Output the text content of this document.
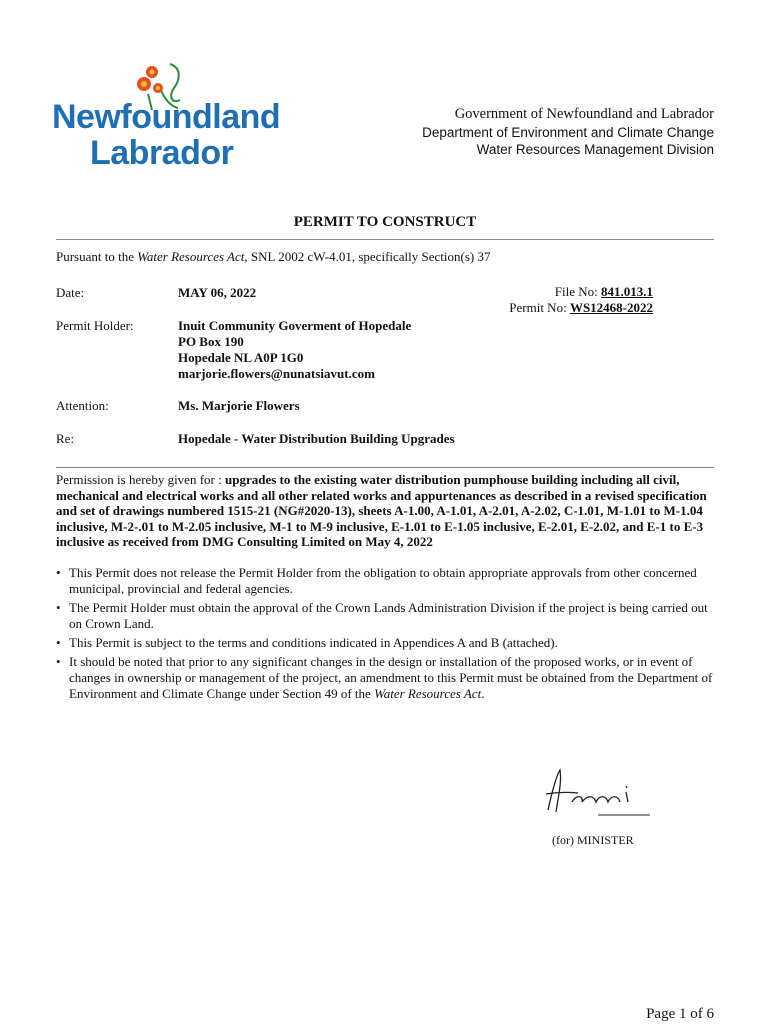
Newfoundland
Labrador
Government of Newfoundland and Labrador
Department of Environment and Climate Change
Water Resources Management Division
PERMIT TO CONSTRUCT
Pursuant to the Water Resources Act, SNL 2002 cW-4.01, specifically Section(s) 37
Date:	MAY 06, 2022	File No: 841.013.1
Permit No: WS12468-2022
Permit Holder:	Inuit Community Goverment of Hopedale
PO Box 190
Hopedale NL A0P 1G0
marjorie.flowers@nunatsiavut.com
Attention:	Ms. Marjorie Flowers
Re:	Hopedale - Water Distribution Building Upgrades
Permission is hereby given for : upgrades to the existing water distribution pumphouse building including all civil, mechanical and electrical works and all other related works and appurtenances as described in a revised specification and set of drawings numbered 1515-21 (NG#2020-13), sheets A-1.00, A-1.01, A-2.01, A-2.02, C-1.01, M-1.01 to M-1.04 inclusive, M-2-.01 to M-2.05 inclusive, M-1 to M-9 inclusive, E-1.01 to E-1.05 inclusive, E-2.01, E-2.02, and E-1 to E-3 inclusive as received from DMG Consulting Limited on May 4, 2022
• This Permit does not release the Permit Holder from the obligation to obtain appropriate approvals from other concerned municipal, provincial and federal agencies.
• The Permit Holder must obtain the approval of the Crown Lands Administration Division if the project is being carried out on Crown Land.
• This Permit is subject to the terms and conditions indicated in Appendices A and B (attached).
• It should be noted that prior to any significant changes in the design or installation of the proposed works, or in event of changes in ownership or management of the project, an amendment to this Permit must be obtained from the Department of Environment and Climate Change under Section 49 of the Water Resources Act.
(for) MINISTER
Page 1 of 6
